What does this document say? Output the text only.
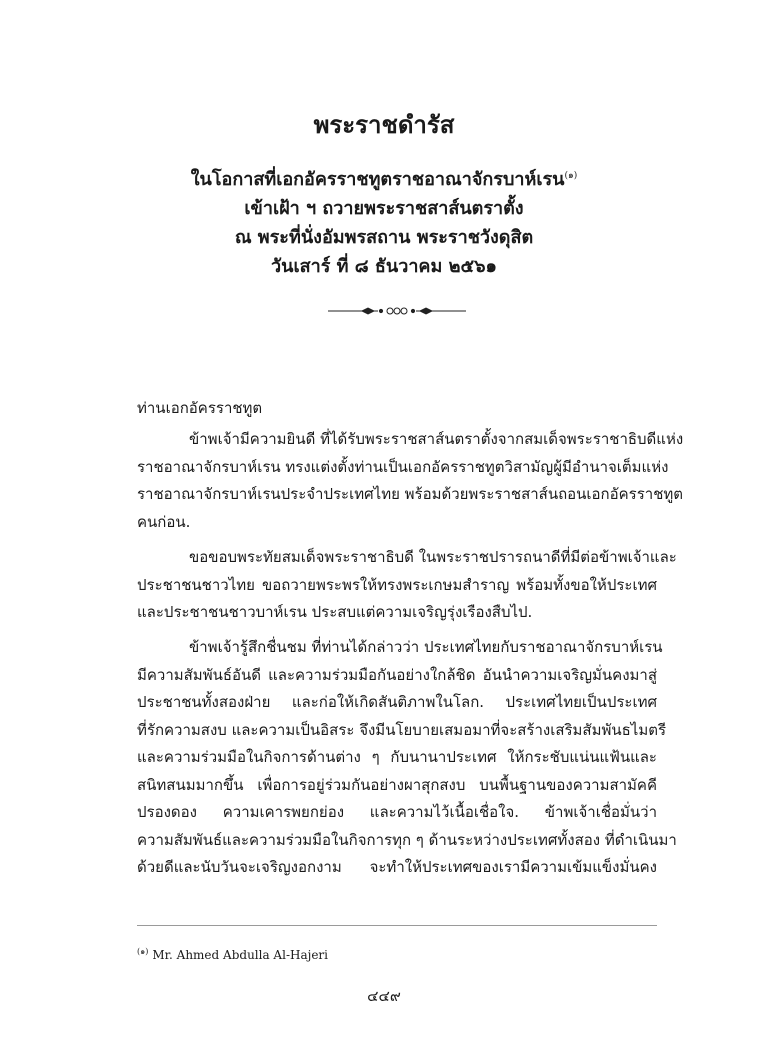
พระราชดำรัส
ในโอกาสที่เอกอัครราชทูตราชอาณาจักรบาห์เรน$^{(๑)}$
เข้าเฝ้า ฯ ถวายพระราชสาส์นตราตั้ง
ณ พระที่นั่งอัมพรสถาน พระราชวังดุสิต
วันเสาร์ ที่ ๘ ธันวาคม ๒๕๖๑
ท่านเอกอัครราชทูต
ข้าพเจ้ามีความยินดี ที่ได้รับพระราชสาส์นตราตั้งจากสมเด็จพระราชาธิบดีแห่ง
ราชอาณาจักรบาห์เรน ทรงแต่งตั้งท่านเป็นเอกอัครราชทูตวิสามัญผู้มีอำนาจเต็มแห่ง
ราชอาณาจักรบาห์เรนประจำประเทศไทย พร้อมด้วยพระราชสาส์นถอนเอกอัครราชทูต
คนก่อน.
ขอขอบพระทัยสมเด็จพระราชาธิบดี ในพระราชปรารถนาดีที่มีต่อข้าพเจ้าและ
ประชาชนชาวไทย ขอถวายพระพรให้ทรงพระเกษมสำราญ พร้อมทั้งขอให้ประเทศ
และประชาชนชาวบาห์เรน ประสบแต่ความเจริญรุ่งเรืองสืบไป.
ข้าพเจ้ารู้สึกชื่นชม ที่ท่านได้กล่าวว่า ประเทศไทยกับราชอาณาจักรบาห์เรน
มีความสัมพันธ์อันดี และความร่วมมือกันอย่างใกล้ชิด อันนำความเจริญมั่นคงมาสู่
ประชาชนทั้งสองฝ่าย และก่อให้เกิดสันติภาพในโลก. ประเทศไทยเป็นประเทศ
ที่รักความสงบ และความเป็นอิสระ จึงมีนโยบายเสมอมาที่จะสร้างเสริมสัมพันธไมตรี
และความร่วมมือในกิจการด้านต่าง ๆ กับนานาประเทศ ให้กระชับแน่นแฟ้นและ
สนิทสนมมากขึ้น เพื่อการอยู่ร่วมกันอย่างผาสุกสงบ บนพื้นฐานของความสามัคคี
ปรองดอง ความเคารพยกย่อง และความไว้เนื้อเชื่อใจ. ข้าพเจ้าเชื่อมั่นว่า
ความสัมพันธ์และความร่วมมือในกิจการทุก ๆ ด้านระหว่างประเทศทั้งสอง ที่ดำเนินมา
ด้วยดีและนับวันจะเจริญงอกงาม จะทำให้ประเทศของเรามีความเข้มแข็งมั่นคง
$^{(๑)}$ Mr. Ahmed Abdulla Al-Hajeri
๔๔๙
